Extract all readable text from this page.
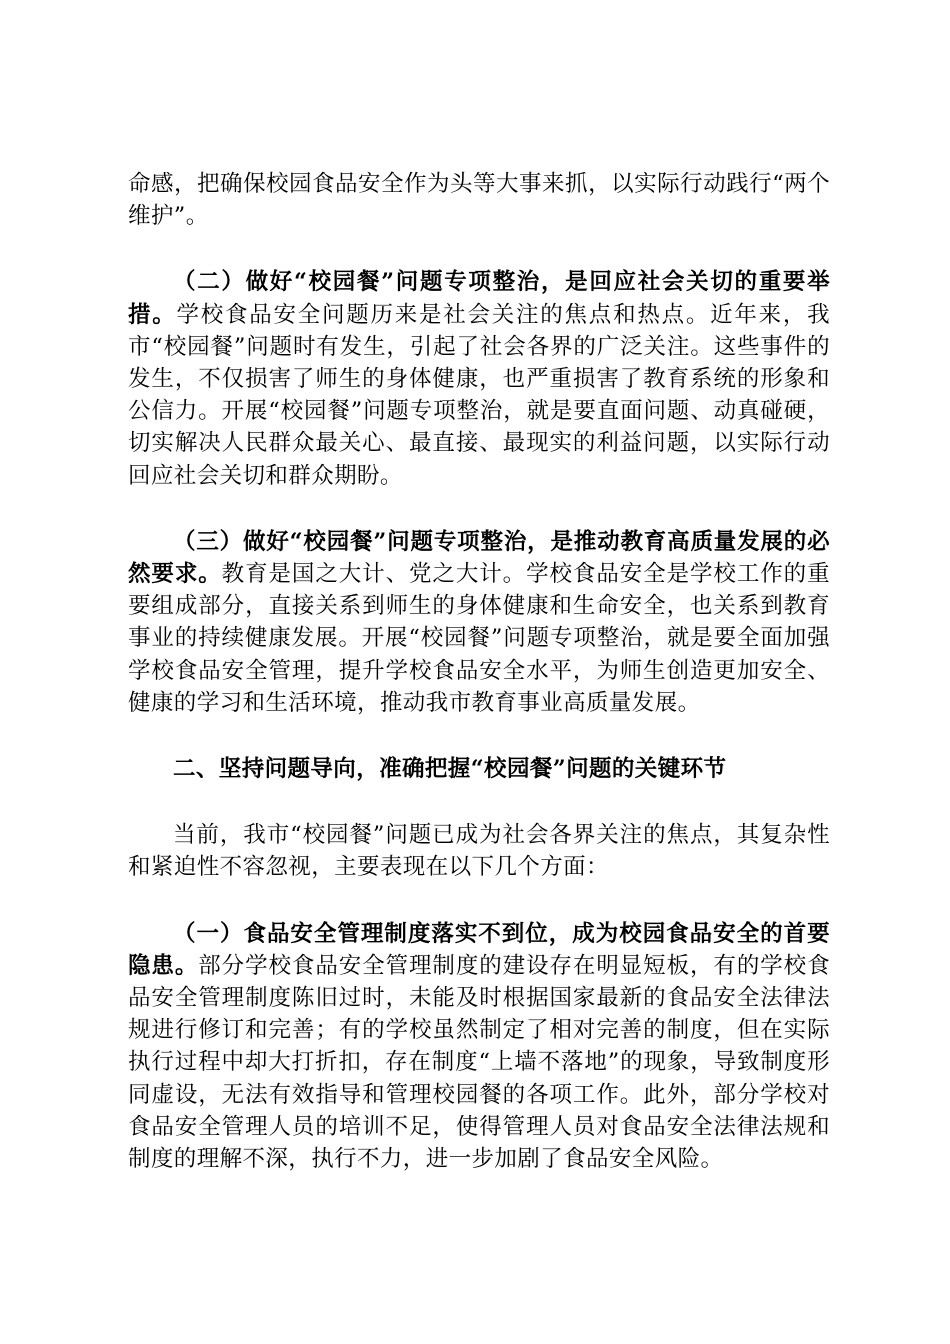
命感，把确保校园食品安全作为头等大事来抓，以实际行动践行“两个维护”。

（二）做好“校园餐”问题专项整治，是回应社会关切的重要举措。学校食品安全问题历来是社会关注的焦点和热点。近年来，我市“校园餐”问题时有发生，引起了社会各界的广泛关注。这些事件的发生，不仅损害了师生的身体健康，也严重损害了教育系统的形象和公信力。开展“校园餐”问题专项整治，就是要直面问题、动真碰硬，切实解决人民群众最关心、最直接、最现实的利益问题，以实际行动回应社会关切和群众期盼。

（三）做好“校园餐”问题专项整治，是推动教育高质量发展的必然要求。教育是国之大计、党之大计。学校食品安全是学校工作的重要组成部分，直接关系到师生的身体健康和生命安全，也关系到教育事业的持续健康发展。开展“校园餐”问题专项整治，就是要全面加强学校食品安全管理，提升学校食品安全水平，为师生创造更加安全、健康的学习和生活环境，推动我市教育事业高质量发展。

二、坚持问题导向，准确把握“校园餐”问题的关键环节

当前，我市“校园餐”问题已成为社会各界关注的焦点，其复杂性和紧迫性不容忽视，主要表现在以下几个方面：

（一）食品安全管理制度落实不到位，成为校园食品安全的首要隐患。部分学校食品安全管理制度的建设存在明显短板，有的学校食品安全管理制度陈旧过时，未能及时根据国家最新的食品安全法律法规进行修订和完善；有的学校虽然制定了相对完善的制度，但在实际执行过程中却大打折扣，存在制度“上墙不落地”的现象，导致制度形同虚设，无法有效指导和管理校园餐的各项工作。此外，部分学校对食品安全管理人员的培训不足，使得管理人员对食品安全法律法规和制度的理解不深，执行不力，进一步加剧了食品安全风险。
